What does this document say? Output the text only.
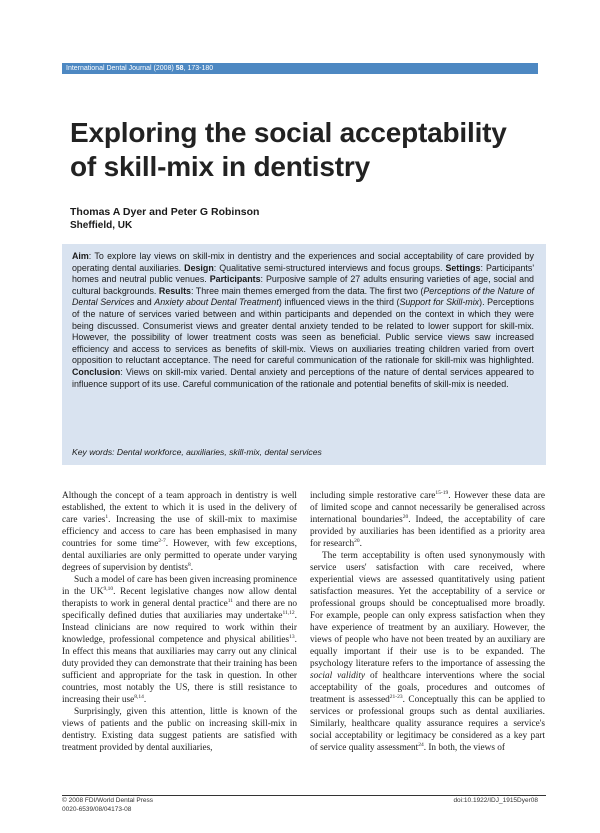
International Dental Journal (2008) 58, 173-180
Exploring the social acceptability of skill-mix in dentistry
Thomas A Dyer and Peter G Robinson
Sheffield, UK
Aim: To explore lay views on skill-mix in dentistry and the experiences and social acceptability of care provided by operating dental auxiliaries. Design: Qualitative semi-structured interviews and focus groups. Settings: Participants' homes and neutral public venues. Participants: Purposive sample of 27 adults ensuring varieties of age, social and cultural backgrounds. Results: Three main themes emerged from the data. The first two (Perceptions of the Nature of Dental Services and Anxiety about Dental Treatment) influenced views in the third (Support for Skill-mix). Perceptions of the nature of services varied between and within participants and depended on the context in which they were being discussed. Consumerist views and greater dental anxiety tended to be related to lower support for skill-mix. However, the possibility of lower treatment costs was seen as beneficial. Public service views saw increased efficiency and access to services as benefits of skill-mix. Views on auxiliaries treating children varied from overt opposition to reluctant acceptance. The need for careful communication of the rationale for skill-mix was highlighted. Conclusion: Views on skill-mix varied. Dental anxiety and perceptions of the nature of dental services appeared to influence support of its use. Careful communication of the rationale and potential benefits of skill-mix is needed.
Key words: Dental workforce, auxiliaries, skill-mix, dental services

Although the concept of a team approach in dentistry is well established, the extent to which it is used in the delivery of care varies$^1$. Increasing the use of skill-mix to maximise efficiency and access to care has been emphasised in many countries for some time$^{2-7}$. However, with few exceptions, dental auxiliaries are only permitted to operate under varying degrees of supervision by dentists$^8$.

Such a model of care has been given increasing prominence in the UK$^{9,10}$. Recent legislative changes now allow dental therapists to work in general dental practice$^{11}$ and there are no specifically defined duties that auxiliaries may undertake$^{11,12}$. Instead clinicians are now required to work within their knowledge, professional competence and physical abilities$^{13}$. In effect this means that auxiliaries may carry out any clinical duty provided they can demonstrate that their training has been sufficient and appropriate for the task in question. In other countries, most notably the US, there is still resistance to increasing their use$^{8,14}$.

Surprisingly, given this attention, little is known of the views of patients and the public on increasing skill-mix in dentistry. Existing data suggest patients are satisfied with treatment provided by dental auxiliaries,

including simple restorative care$^{15-19}$. However these data are of limited scope and cannot necessarily be generalised across international boundaries$^{20}$. Indeed, the acceptability of care provided by auxiliaries has been identified as a priority area for research$^{20}$.

The term acceptability is often used synonymously with service users' satisfaction with care received, where experiential views are assessed quantitatively using patient satisfaction measures. Yet the acceptability of a service or professional groups should be conceptualised more broadly. For example, people can only express satisfaction when they have experience of treatment by an auxiliary. However, the views of people who have not been treated by an auxiliary are equally important if their use is to be expanded. The psychology literature refers to the importance of assessing the social validity of healthcare interventions where the social acceptability of the goals, procedures and outcomes of treatment is assessed$^{21-23}$. Conceptually this can be applied to services or professional groups such as dental auxiliaries. Similarly, healthcare quality assurance requires a service's social acceptability or legitimacy be considered as a key part of service quality assessment$^{24}$. In both, the views of

© 2008 FDI/World Dental Press
0020-6539/08/04173-08
doi:10.1922/IDJ_1915Dyer08
